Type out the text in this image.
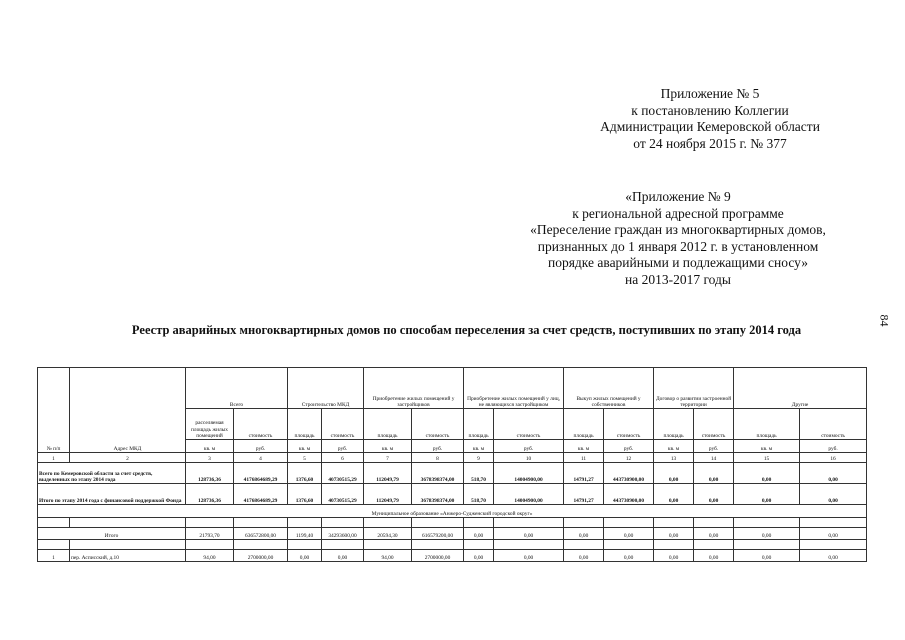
Приложение № 5
к постановлению Коллегии
Администрации Кемеровской области
от 24 ноября 2015 г. № 377
«Приложение № 9
к региональной адресной программе
«Переселение граждан из многоквартирных домов,
признанных до 1 января 2012 г. в установленном
порядке аварийными и подлежащими сносу»
на 2013-2017 годы
84
Реестр аварийных многоквартирных домов по способам переселения за счет средств, поступивших по этапу 2014 года
№ п/п	Адрес МКД	Всего		Строительство МКД		Приобретение жилых помещений у застройщиков		Приобретение жилых помещений у лиц, не являющихся застройщиком		Выкуп жилых помещений у собственников		Договор о развитии застроенной территории		Другие	
		расселяемая площадь жилых помещений	стоимость	площадь	стоимость	площадь	стоимость	площадь	стоимость	площадь	стоимость	площадь	стоимость	площадь	стоимость
		кв. м	руб.	кв. м	руб.	кв. м	руб.	кв. м	руб.	кв. м	руб.	кв. м	руб.	кв. м	руб.
1	2	3	4	5	6	7	8	9	10	11	12	13	14	15	16
Всего по Кемеровской области за счет средств, выделенных по этапу 2014 года		128736,36	4176864689,29	1376,60	40730515,29	112049,79	3678398374,00	518,70	14004900,00	14791,27	443730900,00	0,00	0,00	0,00	0,00
Итого по этапу 2014 года с финансовой поддержкой Фонда		128736,36	4176864689,29	1376,60	40730515,29	112049,79	3678398374,00	518,70	14004900,00	14791,27	443730900,00	0,00	0,00	0,00	0,00
Муниципальное образование «Анжеро-Судженский городской округ»															

Итого		21793,70	636572800,00	1199,40	34293600,00	20594,30	616579200,00	0,00	0,00	0,00	0,00	0,00	0,00	0,00	0,00

1	пер. Асписский, д.10	94,00	2700000,00	0,00	0,00	94,00	2700000,00	0,00	0,00	0,00	0,00	0,00	0,00	0,00	0,00
